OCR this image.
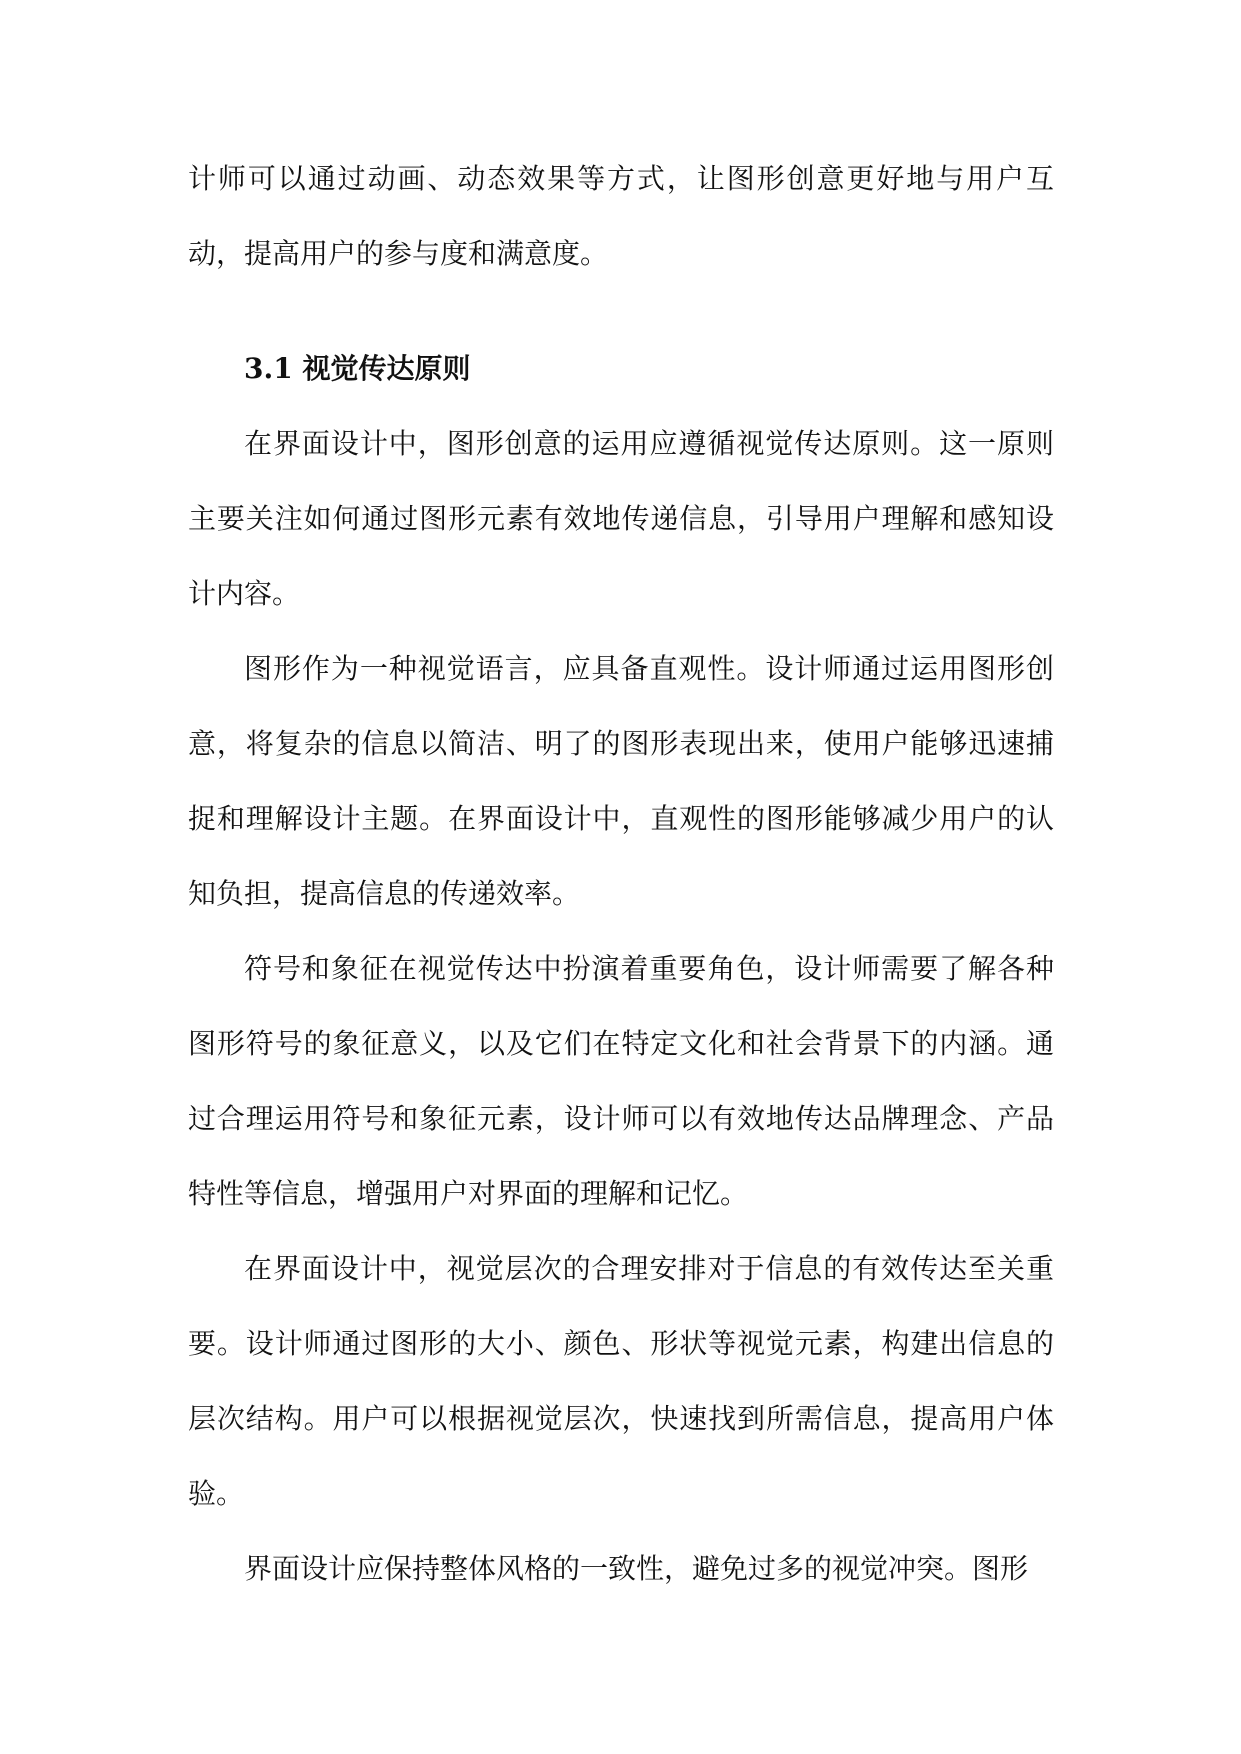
计师可以通过动画、动态效果等方式，让图形创意更好地与用户互动，提高用户的参与度和满意度。

3.1 视觉传达原则

在界面设计中，图形创意的运用应遵循视觉传达原则。这一原则主要关注如何通过图形元素有效地传递信息，引导用户理解和感知设计内容。

图形作为一种视觉语言，应具备直观性。设计师通过运用图形创意，将复杂的信息以简洁、明了的图形表现出来，使用户能够迅速捕捉和理解设计主题。在界面设计中，直观性的图形能够减少用户的认知负担，提高信息的传递效率。

符号和象征在视觉传达中扮演着重要角色，设计师需要了解各种图形符号的象征意义，以及它们在特定文化和社会背景下的内涵。通过合理运用符号和象征元素，设计师可以有效地传达品牌理念、产品特性等信息，增强用户对界面的理解和记忆。

在界面设计中，视觉层次的合理安排对于信息的有效传达至关重要。设计师通过图形的大小、颜色、形状等视觉元素，构建出信息的层次结构。用户可以根据视觉层次，快速找到所需信息，提高用户体验。

界面设计应保持整体风格的一致性，避免过多的视觉冲突。图形
